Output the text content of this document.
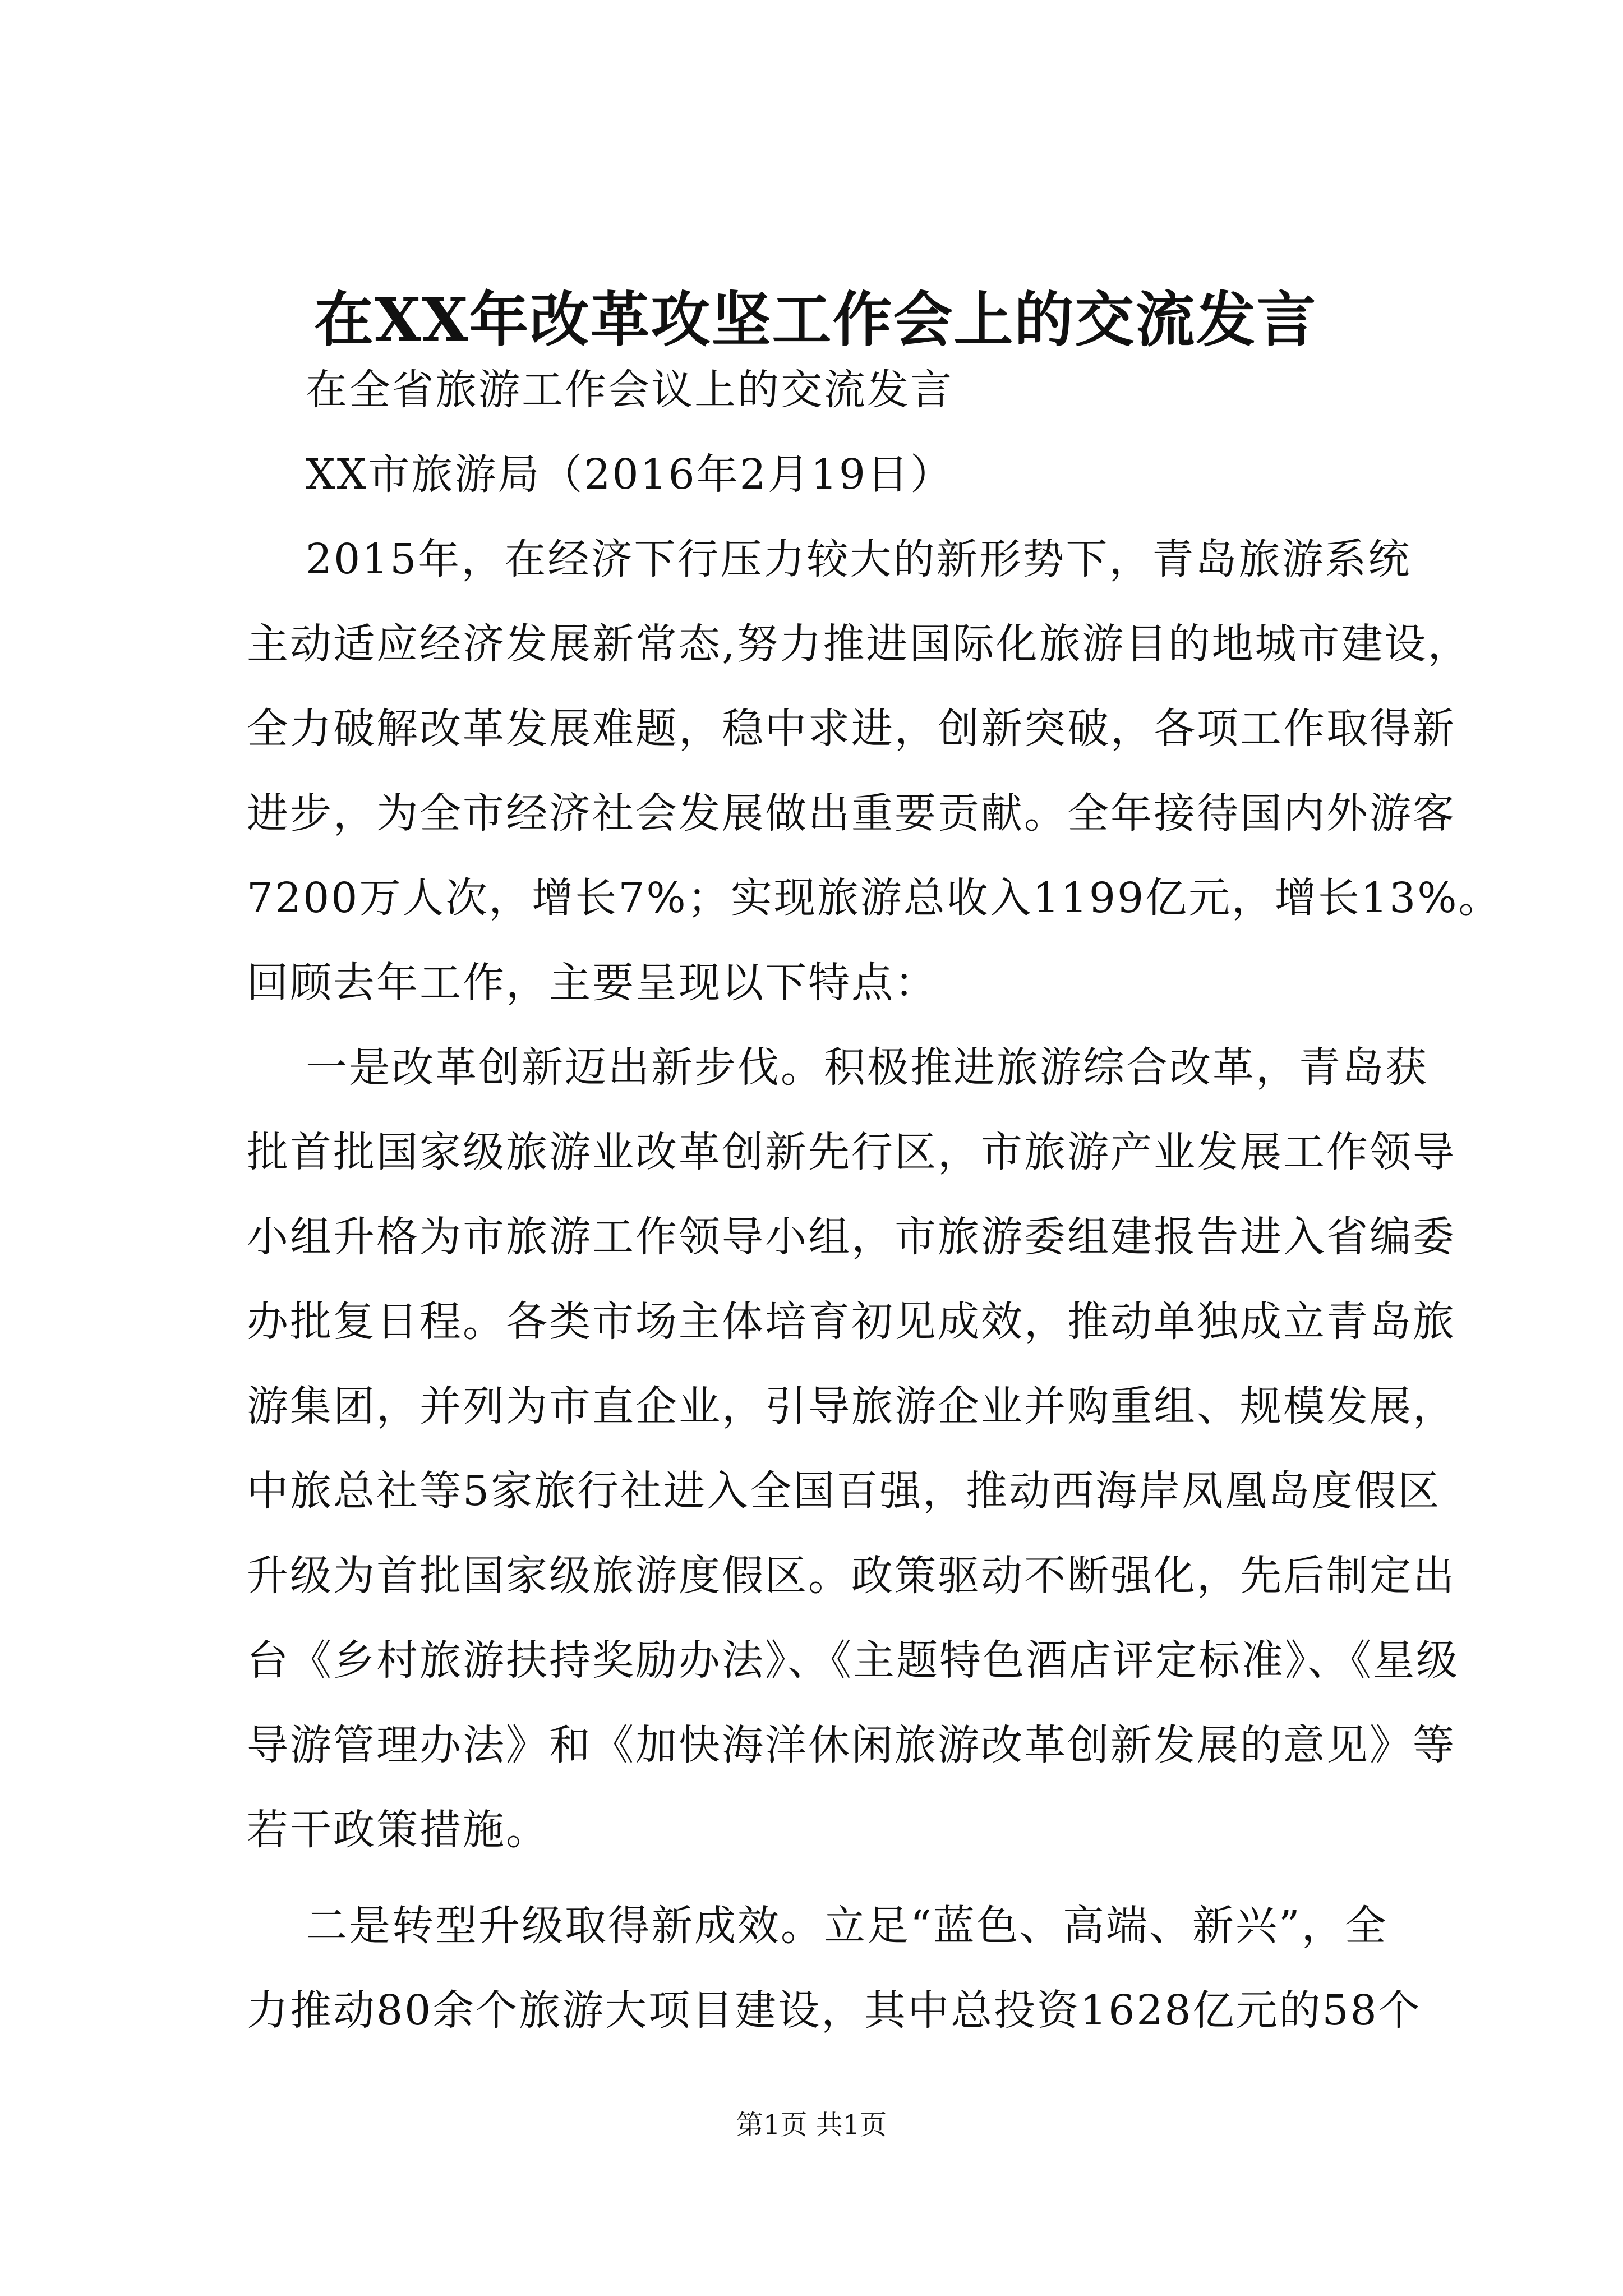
在XX年改革攻坚工作会上的交流发言
在全省旅游工作会议上的交流发言
XX市旅游局（2016年2月19日）
2015年，在经济下行压力较大的新形势下，青岛旅游系统
主动适应经济发展新常态,努力推进国际化旅游目的地城市建设，
全力破解改革发展难题，稳中求进，创新突破，各项工作取得新
进步，为全市经济社会发展做出重要贡献。全年接待国内外游客
7200万人次，增长7%；实现旅游总收入1199亿元，增长13%。
回顾去年工作，主要呈现以下特点：
一是改革创新迈出新步伐。积极推进旅游综合改革，青岛获
批首批国家级旅游业改革创新先行区，市旅游产业发展工作领导
小组升格为市旅游工作领导小组，市旅游委组建报告进入省编委
办批复日程。各类市场主体培育初见成效，推动单独成立青岛旅
游集团，并列为市直企业，引导旅游企业并购重组、规模发展，
中旅总社等5家旅行社进入全国百强，推动西海岸凤凰岛度假区
升级为首批国家级旅游度假区。政策驱动不断强化，先后制定出
台《乡村旅游扶持奖励办法》、《主题特色酒店评定标准》、《星级
导游管理办法》和《加快海洋休闲旅游改革创新发展的意见》等
若干政策措施。
二是转型升级取得新成效。立足“蓝色、高端、新兴”，全
力推动80余个旅游大项目建设，其中总投资1628亿元的58个
第1页 共1页
